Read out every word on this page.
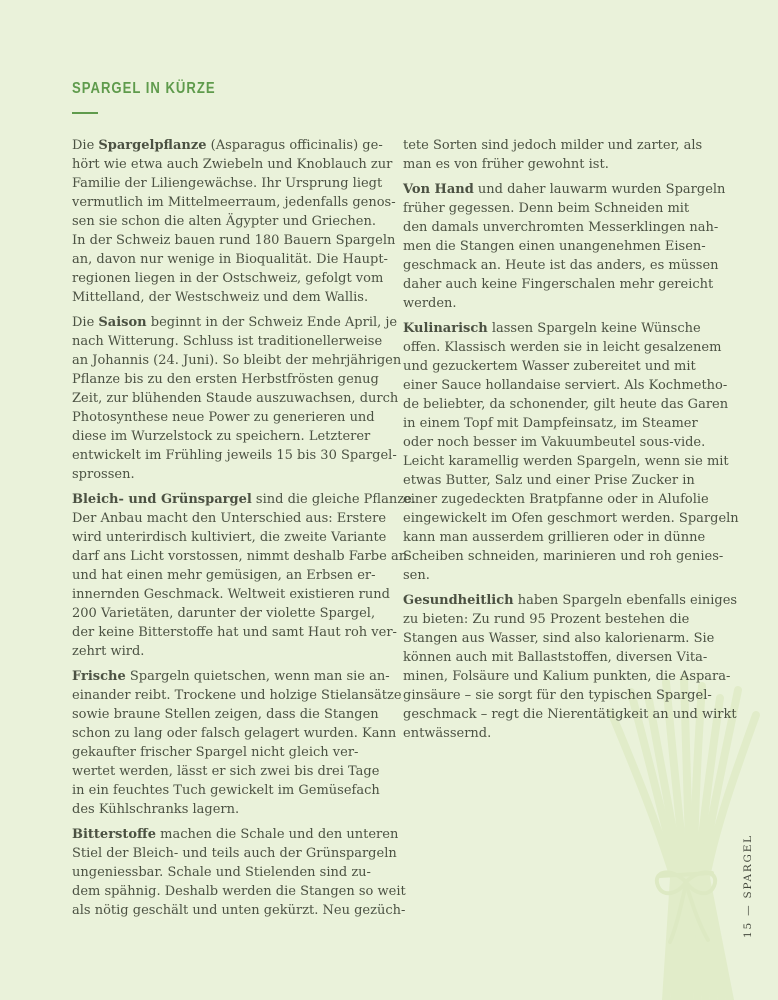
SPARGEL IN KÜRZE

Die Spargelpflanze (Asparagus officinalis) ge-
hört wie etwa auch Zwiebeln und Knoblauch zur
Familie der Liliengewächse. Ihr Ursprung liegt
vermutlich im Mittelmeerraum, jedenfalls genos-
sen sie schon die alten Ägypter und Griechen.
In der Schweiz bauen rund 180 Bauern Spargeln
an, davon nur wenige in Bioqualität. Die Haupt-
regionen liegen in der Ostschweiz, gefolgt vom
Mittelland, der Westschweiz und dem Wallis.

Die Saison beginnt in der Schweiz Ende April, je
nach Witterung. Schluss ist traditionellerweise
an Johannis (24. Juni). So bleibt der mehrjährigen
Pflanze bis zu den ersten Herbstfrösten genug
Zeit, zur blühenden Staude auszuwachsen, durch
Photosynthese neue Power zu generieren und
diese im Wurzelstock zu speichern. Letzterer
entwickelt im Frühling jeweils 15 bis 30 Spargel-
sprossen.

Bleich- und Grünspargel sind die gleiche Pflanze.
Der Anbau macht den Unterschied aus: Erstere
wird unterirdisch kultiviert, die zweite Variante
darf ans Licht vorstossen, nimmt deshalb Farbe an
und hat einen mehr gemüsigen, an Erbsen er-
innernden Geschmack. Weltweit existieren rund
200 Varietäten, darunter der violette Spargel,
der keine Bitterstoffe hat und samt Haut roh ver-
zehrt wird.

Frische Spargeln quietschen, wenn man sie an-
einander reibt. Trockene und holzige Stielansätze
sowie braune Stellen zeigen, dass die Stangen
schon zu lang oder falsch gelagert wurden. Kann
gekaufter frischer Spargel nicht gleich ver-
wertet werden, lässt er sich zwei bis drei Tage
in ein feuchtes Tuch gewickelt im Gemüsefach
des Kühlschranks lagern.

Bitterstoffe machen die Schale und den unteren
Stiel der Bleich- und teils auch der Grünspargeln
ungeniessbar. Schale und Stielenden sind zu-
dem spähnig. Deshalb werden die Stangen so weit
als nötig geschält und unten gekürzt. Neu gezüch-

tete Sorten sind jedoch milder und zarter, als
man es von früher gewohnt ist.

Von Hand und daher lauwarm wurden Spargeln
früher gegessen. Denn beim Schneiden mit
den damals unverchromten Messerklingen nah-
men die Stangen einen unangenehmen Eisen-
geschmack an. Heute ist das anders, es müssen
daher auch keine Fingerschalen mehr gereicht
werden.

Kulinarisch lassen Spargeln keine Wünsche
offen. Klassisch werden sie in leicht gesalzenem
und gezuckertem Wasser zubereitet und mit
einer Sauce hollandaise serviert. Als Kochmetho-
de beliebter, da schonender, gilt heute das Garen
in einem Topf mit Dampfeinsatz, im Steamer
oder noch besser im Vakuumbeutel sous-vide.
Leicht karamellig werden Spargeln, wenn sie mit
etwas Butter, Salz und einer Prise Zucker in
einer zugedeckten Bratpfanne oder in Alufolie
eingewickelt im Ofen geschmort werden. Spargeln
kann man ausserdem grillieren oder in dünne
Scheiben schneiden, marinieren und roh genies-
sen.

Gesundheitlich haben Spargeln ebenfalls einiges
zu bieten: Zu rund 95 Prozent bestehen die
Stangen aus Wasser, sind also kalorienarm. Sie
können auch mit Ballaststoffen, diversen Vita-
minen, Folsäure und Kalium punkten, die Aspara-
ginsäure – sie sorgt für den typischen Spargel-
geschmack – regt die Nierentätigkeit an und wirkt
entwässernd.

15 — SPARGEL
